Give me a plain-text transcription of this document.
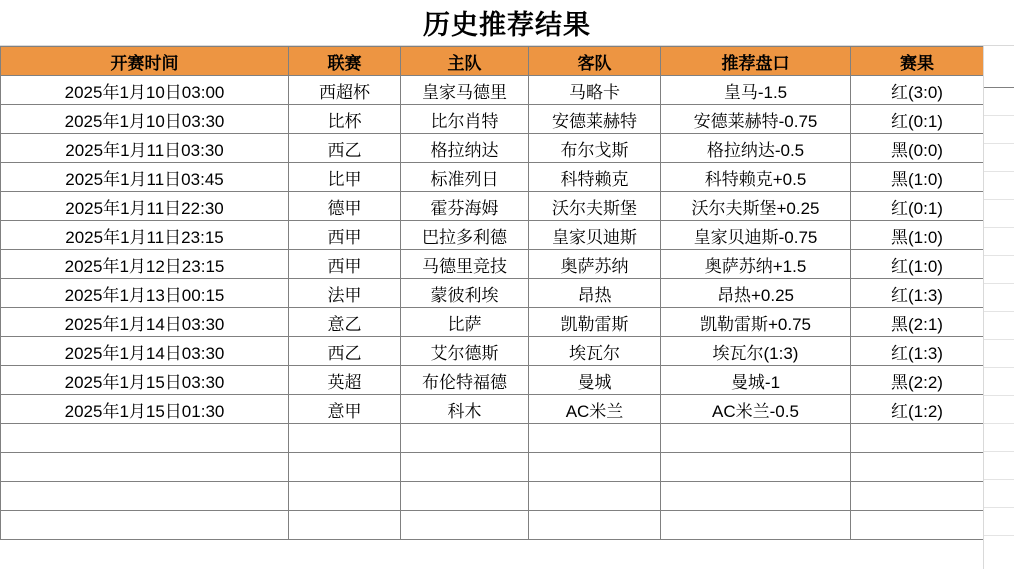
历史推荐结果
开赛时间	联赛	主队	客队	推荐盘口	赛果
2025年1月10日03:00	西超杯	皇家马德里	马略卡	皇马-1.5	红(3:0)
2025年1月10日03:30	比杯	比尔肖特	安德莱赫特	安德莱赫特-0.75	红(0:1)
2025年1月11日03:30	西乙	格拉纳达	布尔戈斯	格拉纳达-0.5	黑(0:0)
2025年1月11日03:45	比甲	标准列日	科特赖克	科特赖克+0.5	黑(1:0)
2025年1月11日22:30	德甲	霍芬海姆	沃尔夫斯堡	沃尔夫斯堡+0.25	红(0:1)
2025年1月11日23:15	西甲	巴拉多利德	皇家贝迪斯	皇家贝迪斯-0.75	黑(1:0)
2025年1月12日23:15	西甲	马德里竞技	奥萨苏纳	奥萨苏纳+1.5	红(1:0)
2025年1月13日00:15	法甲	蒙彼利埃	昂热	昂热+0.25	红(1:3)
2025年1月14日03:30	意乙	比萨	凯勒雷斯	凯勒雷斯+0.75	黑(2:1)
2025年1月14日03:30	西乙	艾尔德斯	埃瓦尔	埃瓦尔(1:3)	红(1:3)
2025年1月15日03:30	英超	布伦特福德	曼城	曼城-1	黑(2:2)
2025年1月15日01:30	意甲	科木	AC米兰	AC米兰-0.5	红(1:2)
